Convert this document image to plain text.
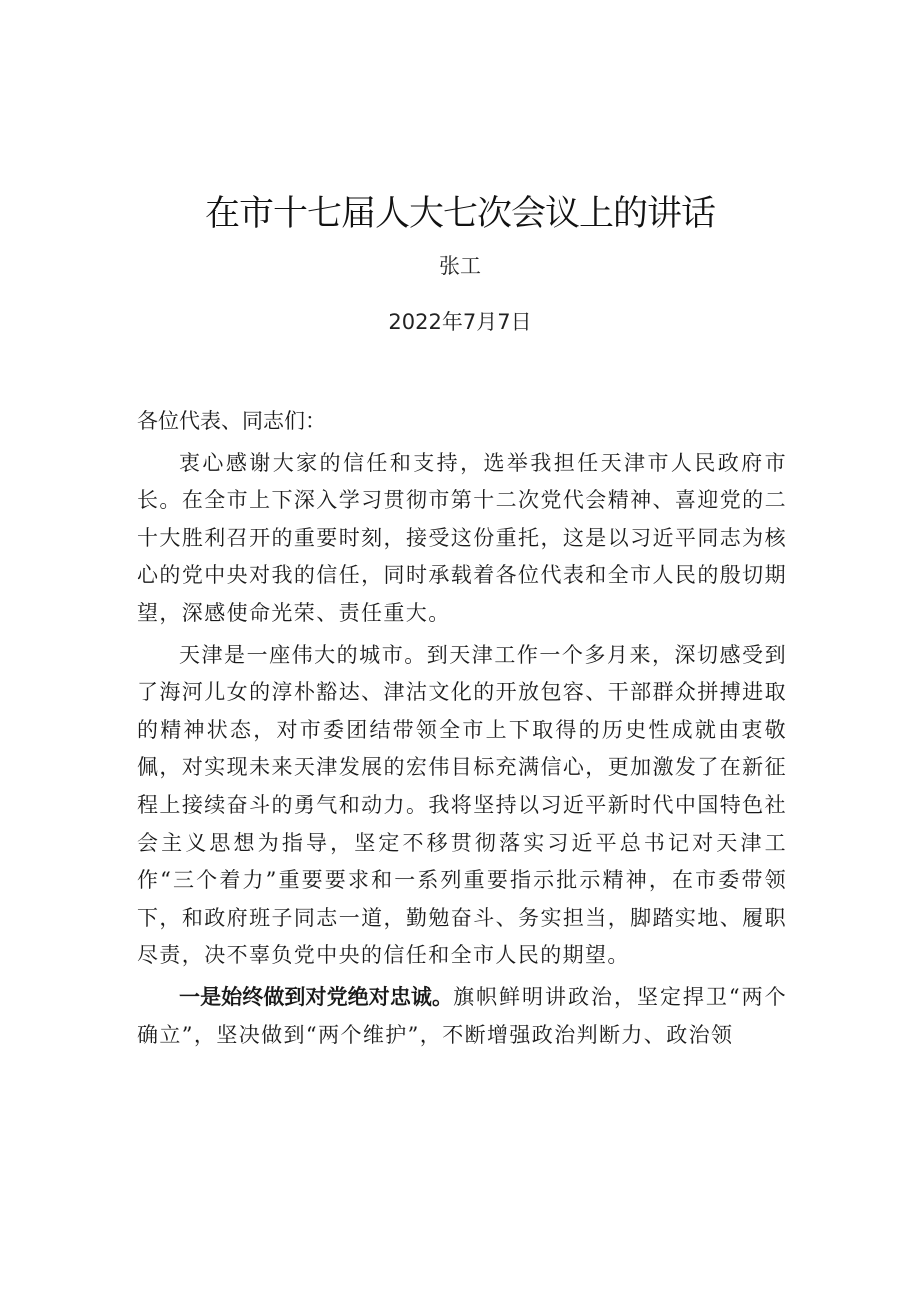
在市十七届人大七次会议上的讲话
张工
2022年7月7日

各位代表、同志们：

衷心感谢大家的信任和支持，选举我担任天津市人民政府市长。在全市上下深入学习贯彻市第十二次党代会精神、喜迎党的二十大胜利召开的重要时刻，接受这份重托，这是以习近平同志为核心的党中央对我的信任，同时承载着各位代表和全市人民的殷切期望，深感使命光荣、责任重大。

天津是一座伟大的城市。到天津工作一个多月来，深切感受到了海河儿女的淳朴豁达、津沽文化的开放包容、干部群众拼搏进取的精神状态，对市委团结带领全市上下取得的历史性成就由衷敬佩，对实现未来天津发展的宏伟目标充满信心，更加激发了在新征程上接续奋斗的勇气和动力。我将坚持以习近平新时代中国特色社会主义思想为指导，坚定不移贯彻落实习近平总书记对天津工作“三个着力”重要要求和一系列重要指示批示精神，在市委带领下，和政府班子同志一道，勤勉奋斗、务实担当，脚踏实地、履职尽责，决不辜负党中央的信任和全市人民的期望。

一是始终做到对党绝对忠诚。旗帜鲜明讲政治，坚定捍卫“两个确立”，坚决做到“两个维护”，不断增强政治判断力、政治领
